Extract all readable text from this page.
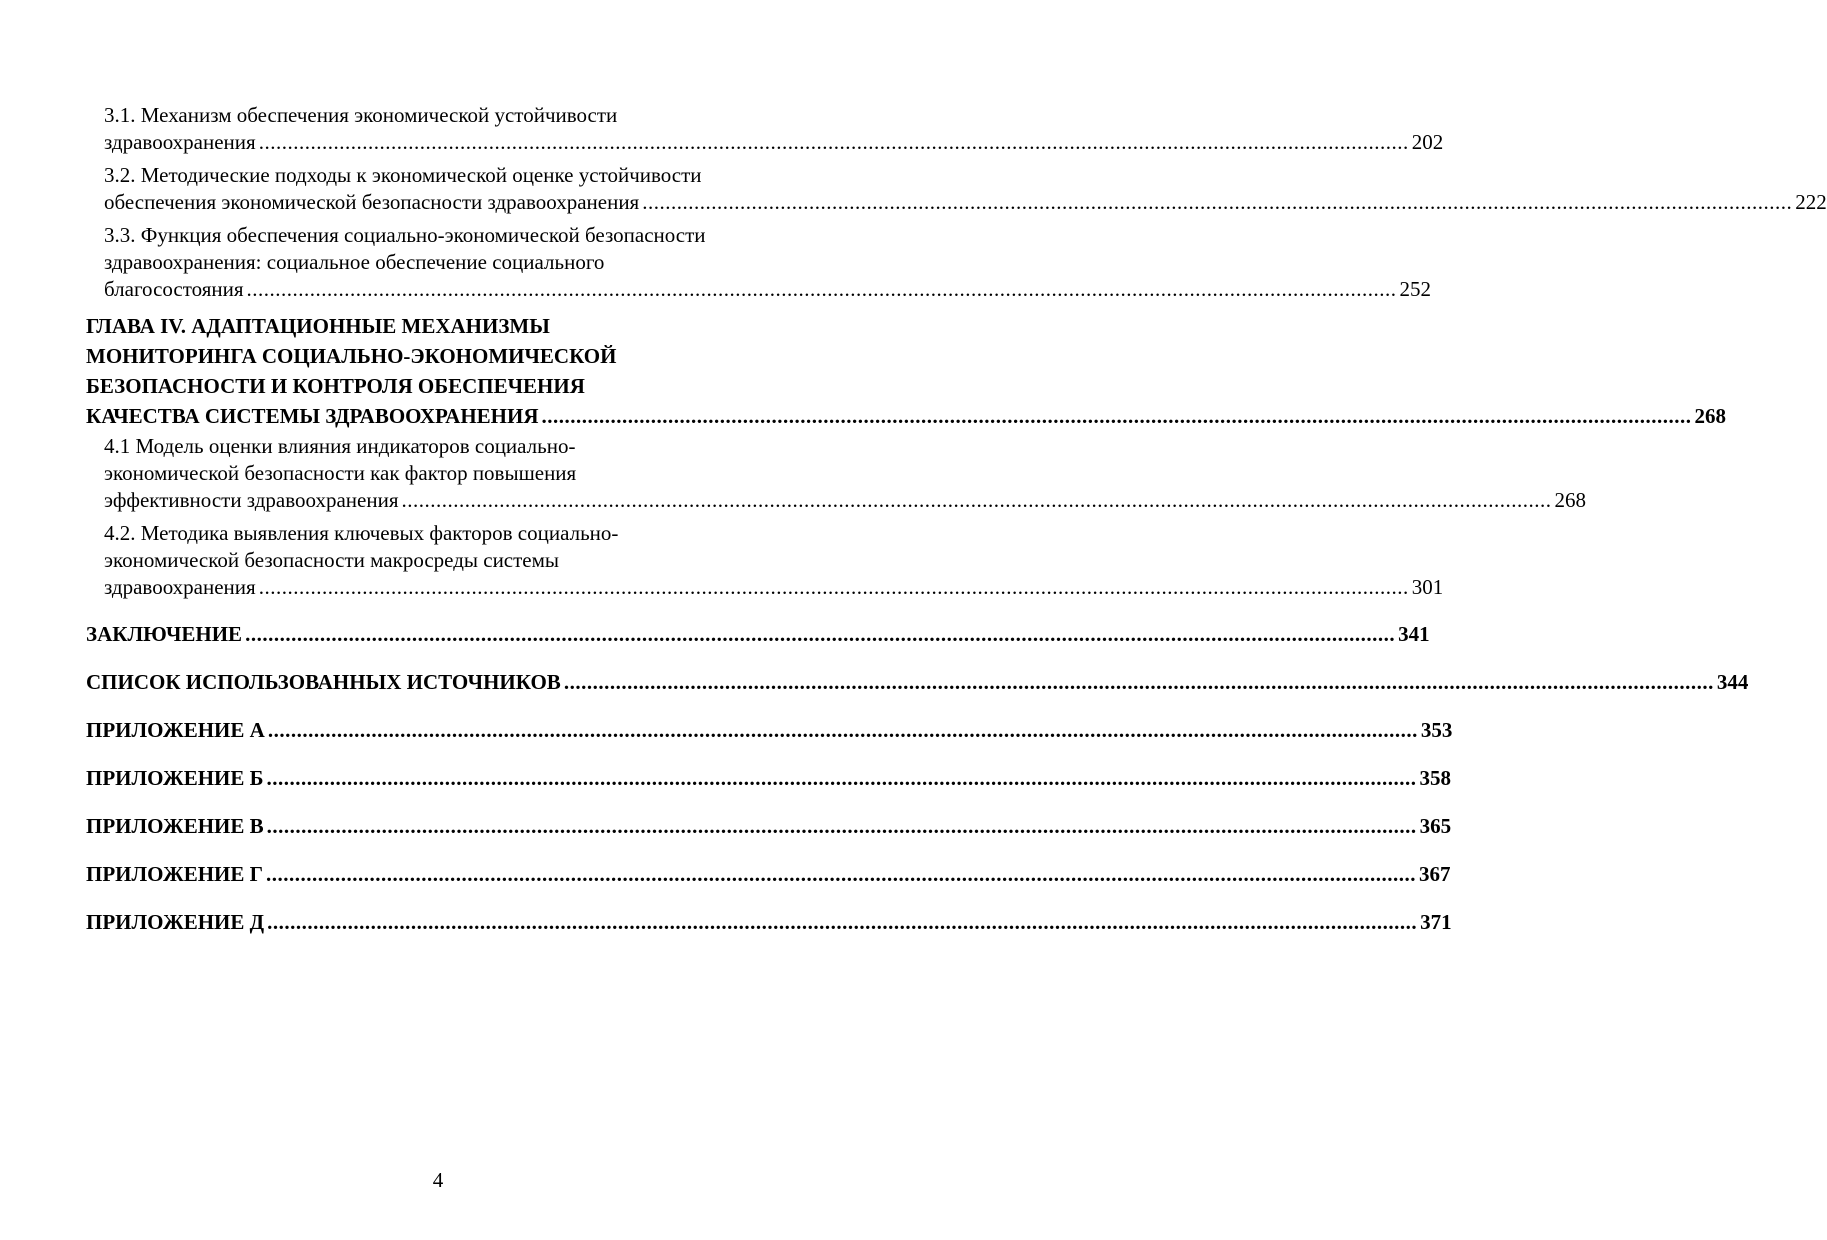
3.1. Механизм обеспечения экономической устойчивости
здравоохранения ........................................................................................................................................................................................................ 202
3.2. Методические подходы к экономической оценке устойчивости
обеспечения экономической безопасности здравоохранения ........................................................................................................................................................................................................ 222
3.3. Функция обеспечения социально-экономической безопасности
здравоохранения: социальное обеспечение социального
благосостояния ........................................................................................................................................................................................................ 252
ГЛАВА IV. АДАПТАЦИОННЫЕ МЕХАНИЗМЫ
МОНИТОРИНГА СОЦИАЛЬНО-ЭКОНОМИЧЕСКОЙ
БЕЗОПАСНОСТИ И КОНТРОЛЯ ОБЕСПЕЧЕНИЯ
КАЧЕСТВА СИСТЕМЫ ЗДРАВООХРАНЕНИЯ ........................................................................................................................................................................................................ 268
4.1 Модель оценки влияния индикаторов социально-
экономической безопасности как фактор повышения
эффективности здравоохранения ........................................................................................................................................................................................................ 268
4.2. Методика выявления ключевых факторов социально-
экономической безопасности макросреды системы
здравоохранения ........................................................................................................................................................................................................ 301
ЗАКЛЮЧЕНИЕ ........................................................................................................................................................................................................ 341
СПИСОК ИСПОЛЬЗОВАННЫХ ИСТОЧНИКОВ ........................................................................................................................................................................................................ 344
ПРИЛОЖЕНИЕ А ........................................................................................................................................................................................................ 353
ПРИЛОЖЕНИЕ Б ........................................................................................................................................................................................................ 358
ПРИЛОЖЕНИЕ В ........................................................................................................................................................................................................ 365
ПРИЛОЖЕНИЕ Г ........................................................................................................................................................................................................ 367
ПРИЛОЖЕНИЕ Д ........................................................................................................................................................................................................ 371
4
